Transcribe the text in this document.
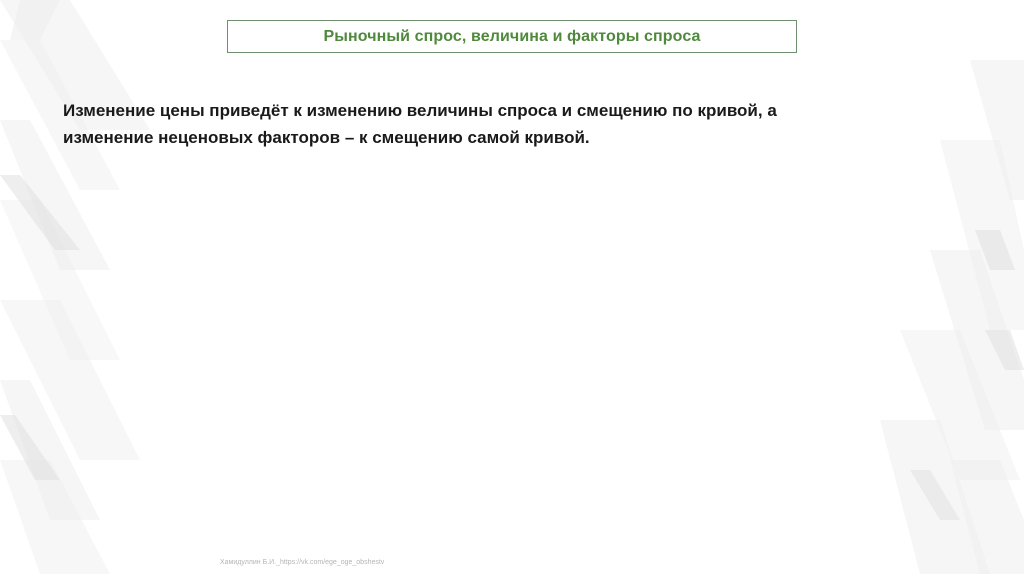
Рыночный спрос, величина и факторы спроса
Изменение цены приведёт к изменению величины спроса и смещению по кривой, а
изменение неценовых факторов – к смещению самой кривой.
Хамидуллин Б.И._https://vk.com/ege_oge_obshestv
